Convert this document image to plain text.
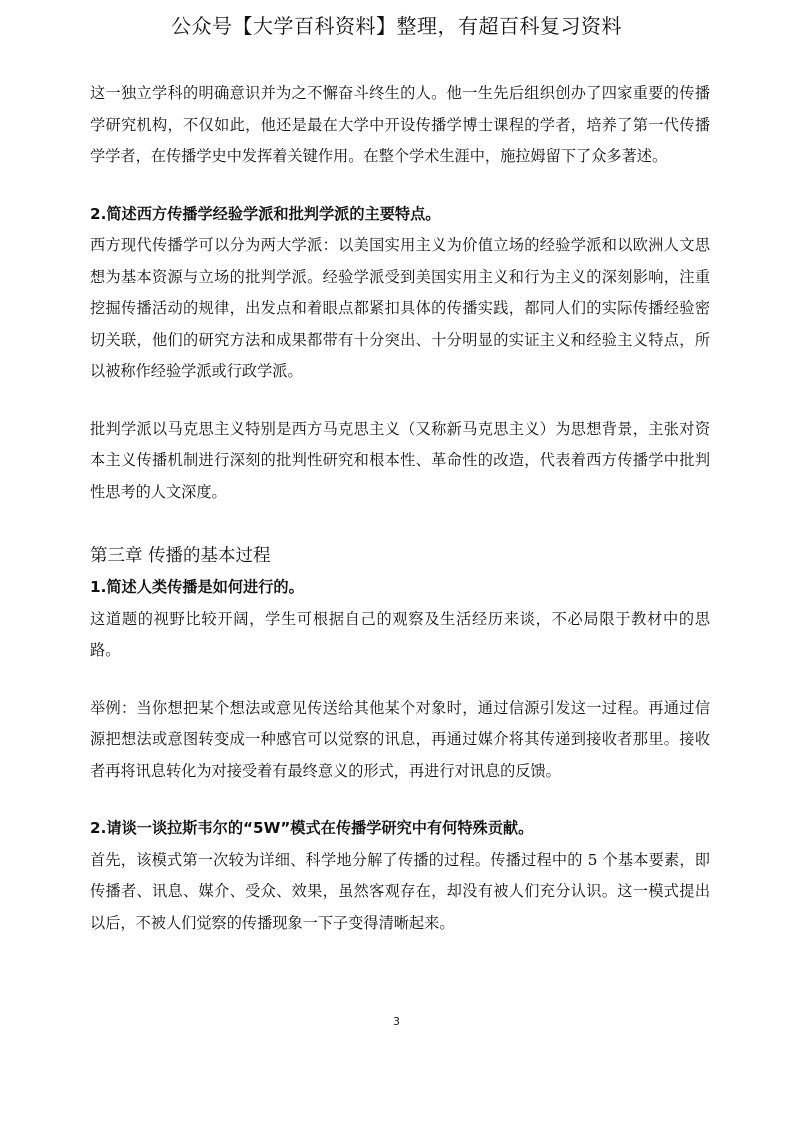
公众号【大学百科资料】整理，有超百科复习资料

这一独立学科的明确意识并为之不懈奋斗终生的人。他一生先后组织创办了四家重要的传播学研究机构，不仅如此，他还是最在大学中开设传播学博士课程的学者，培养了第一代传播学学者，在传播学史中发挥着关键作用。在整个学术生涯中，施拉姆留下了众多著述。

2.简述西方传播学经验学派和批判学派的主要特点。

西方现代传播学可以分为两大学派：以美国实用主义为价值立场的经验学派和以欧洲人文思想为基本资源与立场的批判学派。经验学派受到美国实用主义和行为主义的深刻影响，注重挖掘传播活动的规律，出发点和着眼点都紧扣具体的传播实践，都同人们的实际传播经验密切关联，他们的研究方法和成果都带有十分突出、十分明显的实证主义和经验主义特点，所以被称作经验学派或行政学派。

批判学派以马克思主义特别是西方马克思主义（又称新马克思主义）为思想背景，主张对资本主义传播机制进行深刻的批判性研究和根本性、革命性的改造，代表着西方传播学中批判性思考的人文深度。

第三章 传播的基本过程

1.简述人类传播是如何进行的。

这道题的视野比较开阔，学生可根据自己的观察及生活经历来谈，不必局限于教材中的思路。

举例：当你想把某个想法或意见传送给其他某个对象时，通过信源引发这一过程。再通过信源把想法或意图转变成一种感官可以觉察的讯息，再通过媒介将其传递到接收者那里。接收者再将讯息转化为对接受着有最终意义的形式，再进行对讯息的反馈。

2.请谈一谈拉斯韦尔的“5W”模式在传播学研究中有何特殊贡献。

首先，该模式第一次较为详细、科学地分解了传播的过程。传播过程中的 5 个基本要素，即传播者、讯息、媒介、受众、效果，虽然客观存在，却没有被人们充分认识。这一模式提出以后，不被人们觉察的传播现象一下子变得清晰起来。

3
